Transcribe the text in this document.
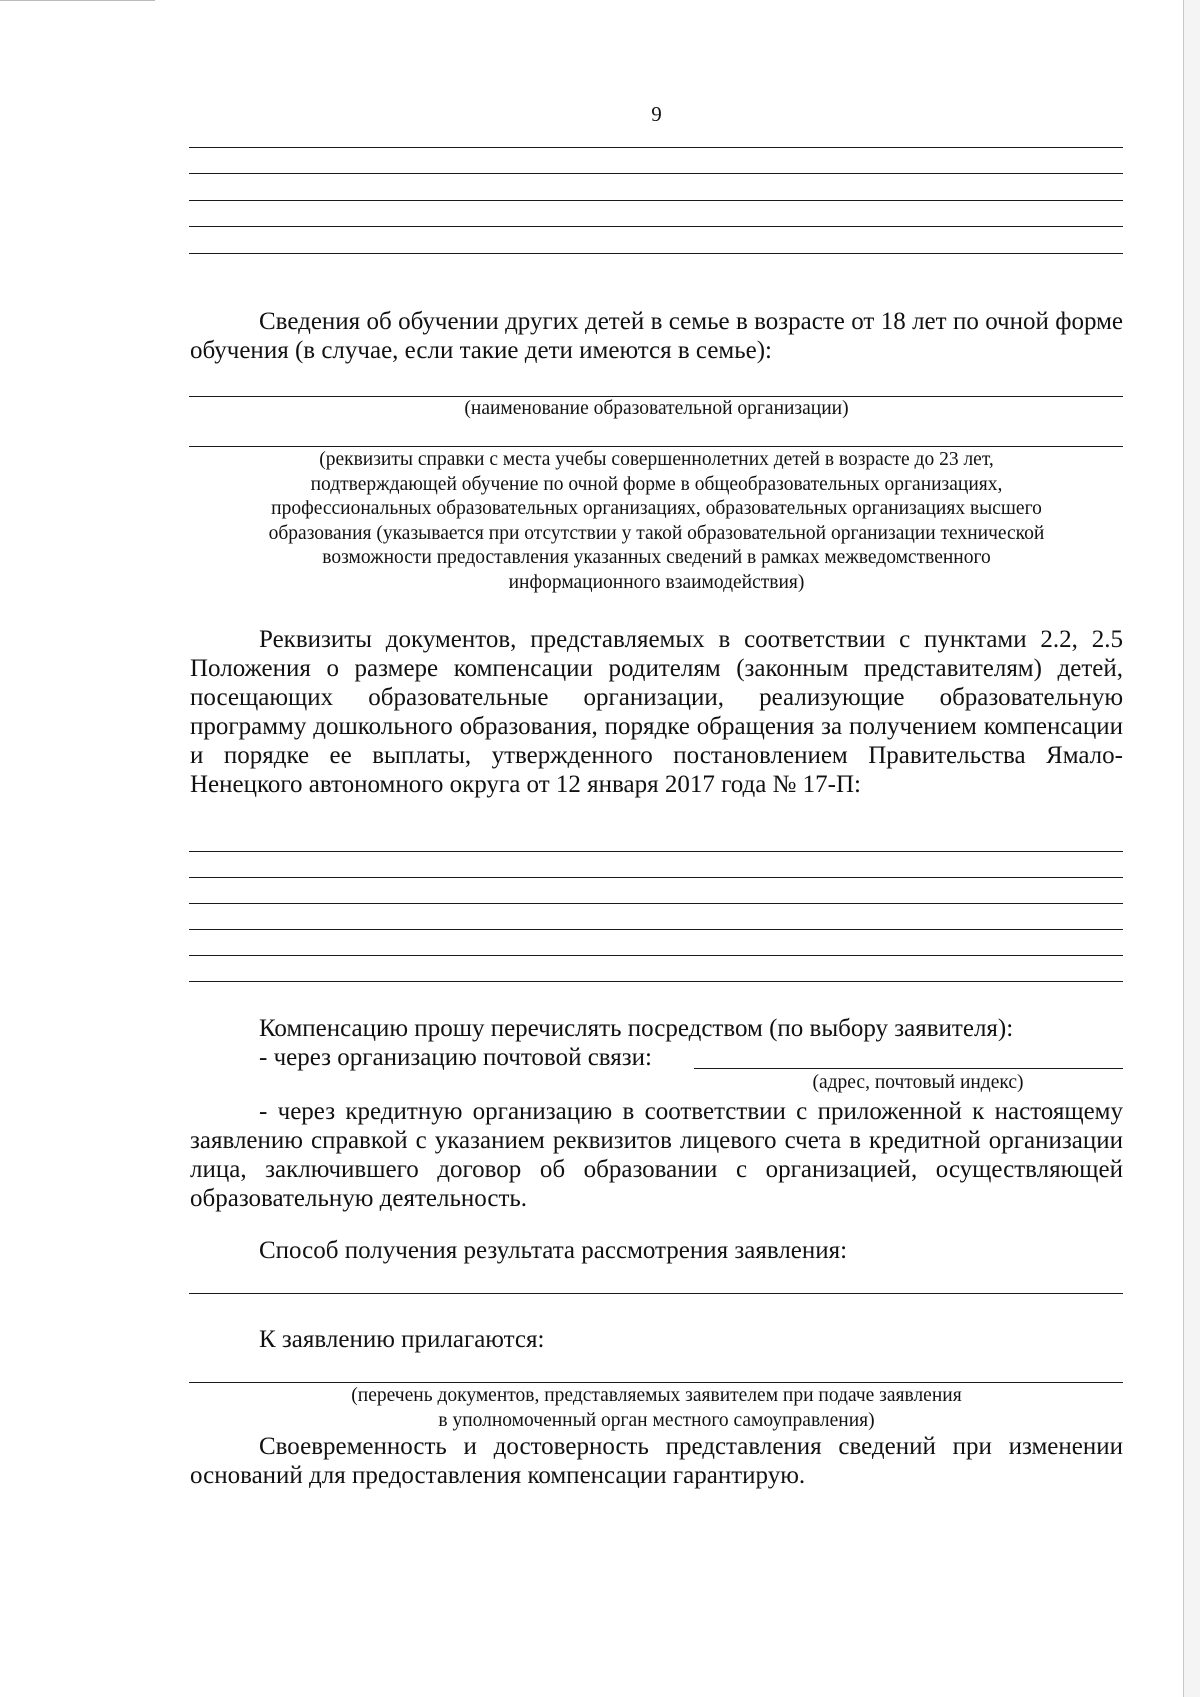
9

Сведения об обучении других детей в семье в возрасте от 18 лет по очной форме обучения (в случае, если такие дети имеются в семье):

(наименование образовательной организации)

(реквизиты справки с места учебы совершеннолетних детей в возрасте до 23 лет,
подтверждающей обучение по очной форме в общеобразовательных организациях,
профессиональных образовательных организациях, образовательных организациях высшего
образования (указывается при отсутствии у такой образовательной организации технической
возможности предоставления указанных сведений в рамках межведомственного
информационного взаимодействия)

Реквизиты документов, представляемых в соответствии с пунктами 2.2, 2.5 Положения о размере компенсации родителям (законным представителям) детей, посещающих образовательные организации, реализующие образовательную программу дошкольного образования, порядке обращения за получением компенсации и порядке ее выплаты, утвержденного постановлением Правительства Ямало-Ненецкого автономного округа от 12 января 2017 года № 17-П:

Компенсацию прошу перечислять посредством (по выбору заявителя):

- через организацию почтовой связи:
(адрес, почтовый индекс)

- через кредитную организацию в соответствии с приложенной к настоящему заявлению справкой с указанием реквизитов лицевого счета в кредитной организации лица, заключившего договор об образовании с организацией, осуществляющей образовательную деятельность.

Способ получения результата рассмотрения заявления:

К заявлению прилагаются:

(перечень документов, представляемых заявителем при подаче заявления
в уполномоченный орган местного самоуправления)

Своевременность и достоверность представления сведений при изменении оснований для предоставления компенсации гарантирую.
